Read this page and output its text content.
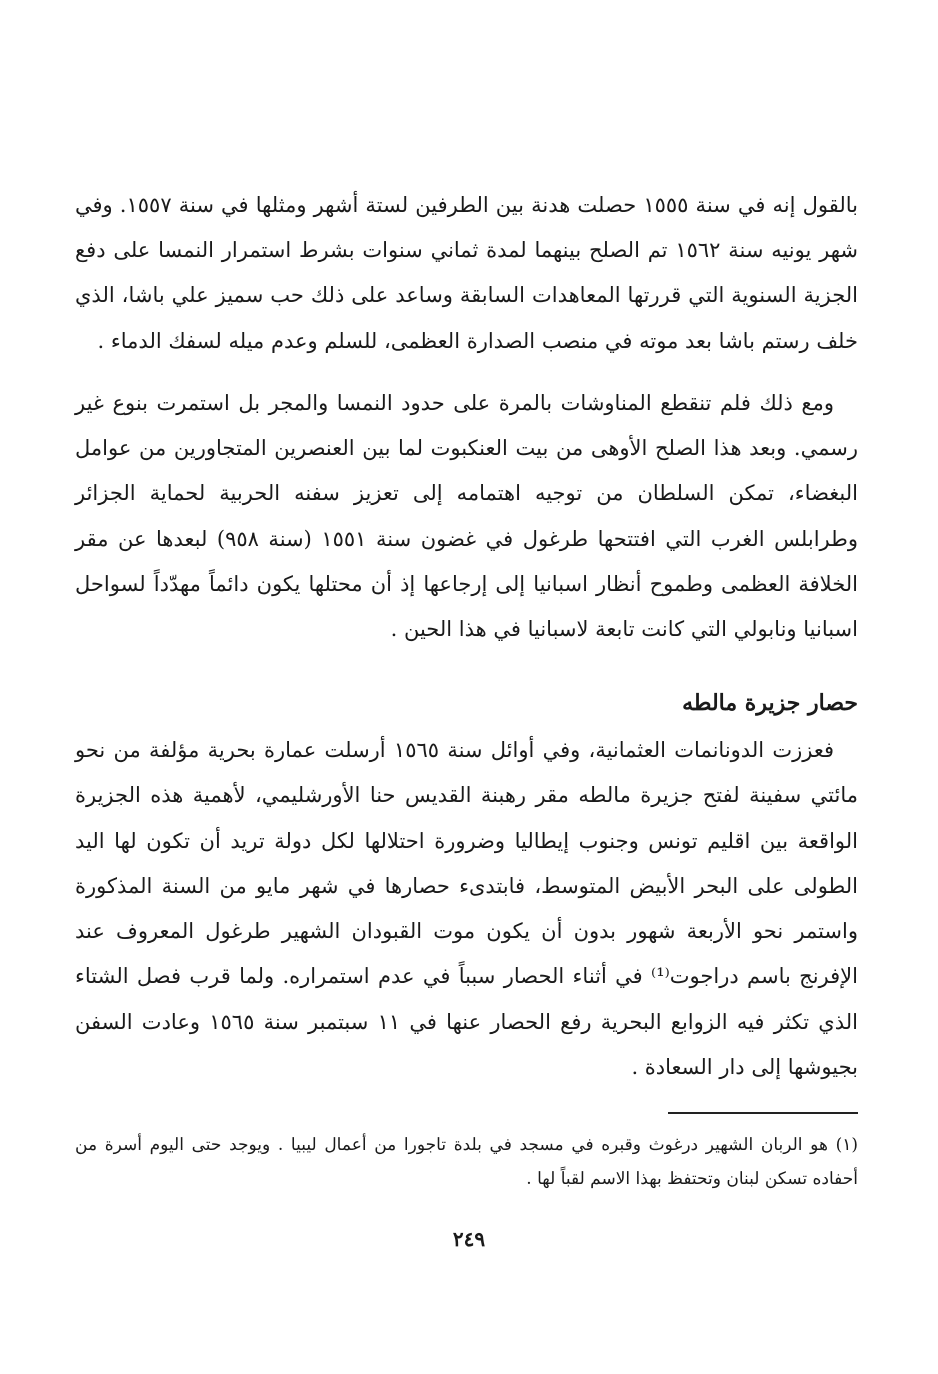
بالقول إنه في سنة ١٥٥٥ حصلت هدنة بين الطرفين لستة أشهر ومثلها في سنة ١٥٥٧. وفي شهر يونيه سنة ١٥٦٢ تم الصلح بينهما لمدة ثماني سنوات بشرط استمرار النمسا على دفع الجزية السنوية التي قررتها المعاهدات السابقة وساعد على ذلك حب سميز علي باشا، الذي خلف رستم باشا بعد موته في منصب الصدارة العظمى، للسلم وعدم ميله لسفك الدماء .

ومع ذلك فلم تنقطع المناوشات بالمرة على حدود النمسا والمجر بل استمرت بنوع غير رسمي. وبعد هذا الصلح الأوهى من بيت العنكبوت لما بين العنصرين المتجاورين من عوامل البغضاء، تمكن السلطان من توجيه اهتمامه إلى تعزيز سفنه الحربية لحماية الجزائر وطرابلس الغرب التي افتتحها طرغول في غضون سنة ١٥٥١ (سنة ٩٥٨) لبعدها عن مقر الخلافة العظمى وطموح أنظار اسبانيا إلى إرجاعها إذ أن محتلها يكون دائماً مهدّداً لسواحل اسبانيا ونابولي التي كانت تابعة لاسبانيا في هذا الحين .

حصار جزيرة مالطه

فعززت الدونانمات العثمانية، وفي أوائل سنة ١٥٦٥ أرسلت عمارة بحرية مؤلفة من نحو مائتي سفينة لفتح جزيرة مالطه مقر رهبنة القديس حنا الأورشليمي، لأهمية هذه الجزيرة الواقعة بين اقليم تونس وجنوب إيطاليا وضرورة احتلالها لكل دولة تريد أن تكون لها اليد الطولى على البحر الأبيض المتوسط، فابتدىء حصارها في شهر مايو من السنة المذكورة واستمر نحو الأربعة شهور بدون أن يكون موت القبودان الشهير طرغول المعروف عند الإفرنج باسم دراجوت⁽¹⁾ في أثناء الحصار سبباً في عدم استمراره. ولما قرب فصل الشتاء الذي تكثر فيه الزوابع البحرية رفع الحصار عنها في ١١ سبتمبر سنة ١٥٦٥ وعادت السفن بجيوشها إلى دار السعادة .

(١) هو الربان الشهير درغوث وقبره في مسجد في بلدة تاجورا من أعمال ليبيا . ويوجد حتى اليوم أسرة من أحفاده تسكن لبنان وتحتفظ بهذا الاسم لقباً لها .

٢٤٩
